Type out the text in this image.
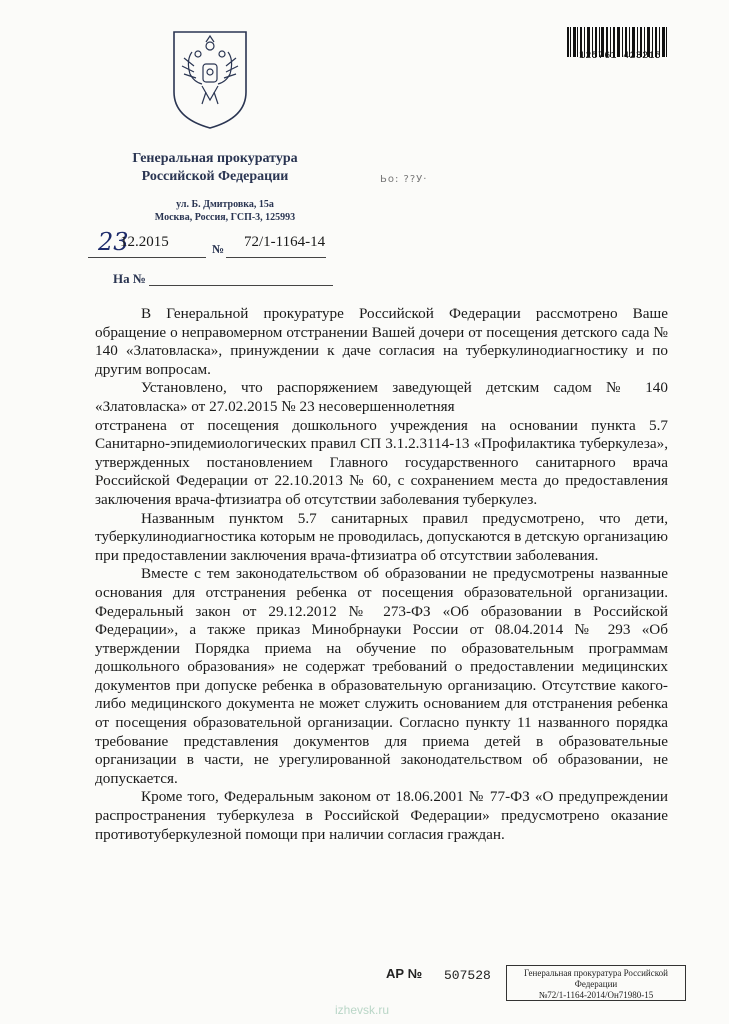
125761 423215
Генеральная прокуратура
Российской Федерации
ул. Б. Дмитровка, 15а
Москва, Россия, ГСП-3, 125993
Ьо: ??У·
23
12.2015	№ 72/1-1164-14
На №

В Генеральной прокуратуре Российской Федерации рассмотрено Ваше обращение о неправомерном отстранении Вашей дочери от посещения детского сада № 140 «Златовласка», принуждении к даче согласия на туберкулинодиагностику и по другим вопросам.

Установлено, что распоряжением заведующей детским садом № 140 «Златовласка» от 27.02.2015 № 23 несовершеннолетняя

отстранена от посещения дошкольного учреждения на основании пункта 5.7 Санитарно-эпидемиологических правил СП 3.1.2.3114-13 «Профилактика туберкулеза», утвержденных постановлением Главного государственного санитарного врача Российской Федерации от 22.10.2013 № 60, с сохранением места до предоставления заключения врача-фтизиатра об отсутствии заболевания туберкулез.

Названным пунктом 5.7 санитарных правил предусмотрено, что дети, туберкулинодиагностика которым не проводилась, допускаются в детскую организацию при предоставлении заключения врача-фтизиатра об отсутствии заболевания.

Вместе с тем законодательством об образовании не предусмотрены названные основания для отстранения ребенка от посещения образовательной организации. Федеральный закон от 29.12.2012 № 273-ФЗ «Об образовании в Российской Федерации», а также приказ Минобрнауки России от 08.04.2014 № 293 «Об утверждении Порядка приема на обучение по образовательным программам дошкольного образования» не содержат требований о предоставлении медицинских документов при допуске ребенка в образовательную организацию. Отсутствие какого-либо медицинского документа не может служить основанием для отстранения ребенка от посещения образовательной организации. Согласно пункту 11 названного порядка требование представления документов для приема детей в образовательные организации в части, не урегулированной законодательством об образовании, не допускается.

Кроме того, Федеральным законом от 18.06.2001 № 77-ФЗ «О предупреждении распространения туберкулеза в Российской Федерации» предусмотрено оказание противотуберкулезной помощи при наличии согласия граждан.

АР № 507528	Генеральная прокуратура Российской
Федерации
№72/1-1164-2014/Он71980-15
izhevsk.ru
